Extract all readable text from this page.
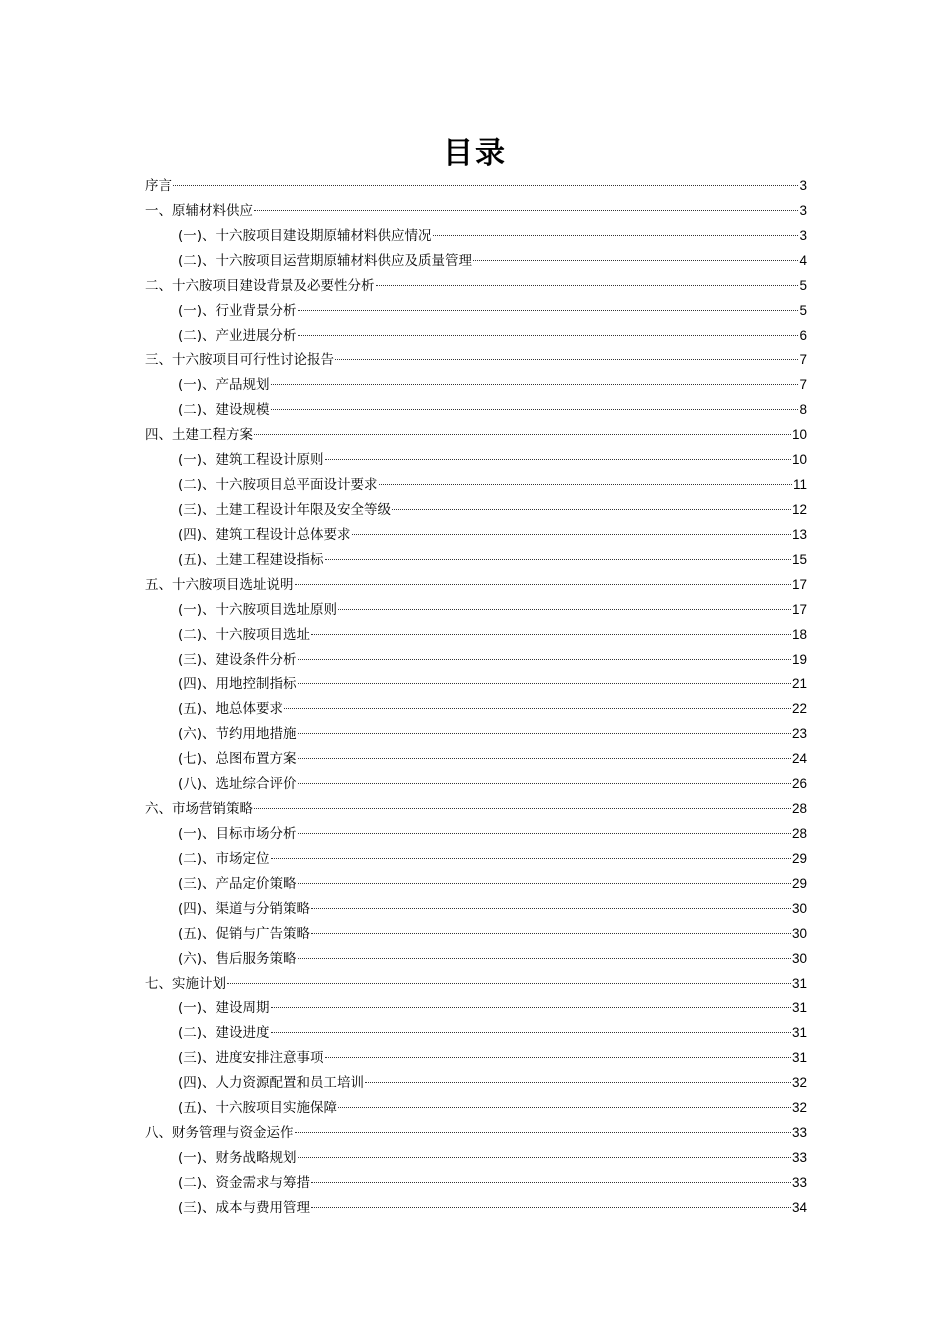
目录
序言	3
一、原辅材料供应	3
(一)、十六胺项目建设期原辅材料供应情况	3
(二)、十六胺项目运营期原辅材料供应及质量管理	4
二、十六胺项目建设背景及必要性分析	5
(一)、行业背景分析	5
(二)、产业进展分析	6
三、十六胺项目可行性讨论报告	7
(一)、产品规划	7
(二)、建设规模	8
四、土建工程方案	10
(一)、建筑工程设计原则	10
(二)、十六胺项目总平面设计要求	11
(三)、土建工程设计年限及安全等级	12
(四)、建筑工程设计总体要求	13
(五)、土建工程建设指标	15
五、十六胺项目选址说明	17
(一)、十六胺项目选址原则	17
(二)、十六胺项目选址	18
(三)、建设条件分析	19
(四)、用地控制指标	21
(五)、地总体要求	22
(六)、节约用地措施	23
(七)、总图布置方案	24
(八)、选址综合评价	26
六、市场营销策略	28
(一)、目标市场分析	28
(二)、市场定位	29
(三)、产品定价策略	29
(四)、渠道与分销策略	30
(五)、促销与广告策略	30
(六)、售后服务策略	30
七、实施计划	31
(一)、建设周期	31
(二)、建设进度	31
(三)、进度安排注意事项	31
(四)、人力资源配置和员工培训	32
(五)、十六胺项目实施保障	32
八、财务管理与资金运作	33
(一)、财务战略规划	33
(二)、资金需求与筹措	33
(三)、成本与费用管理	34
